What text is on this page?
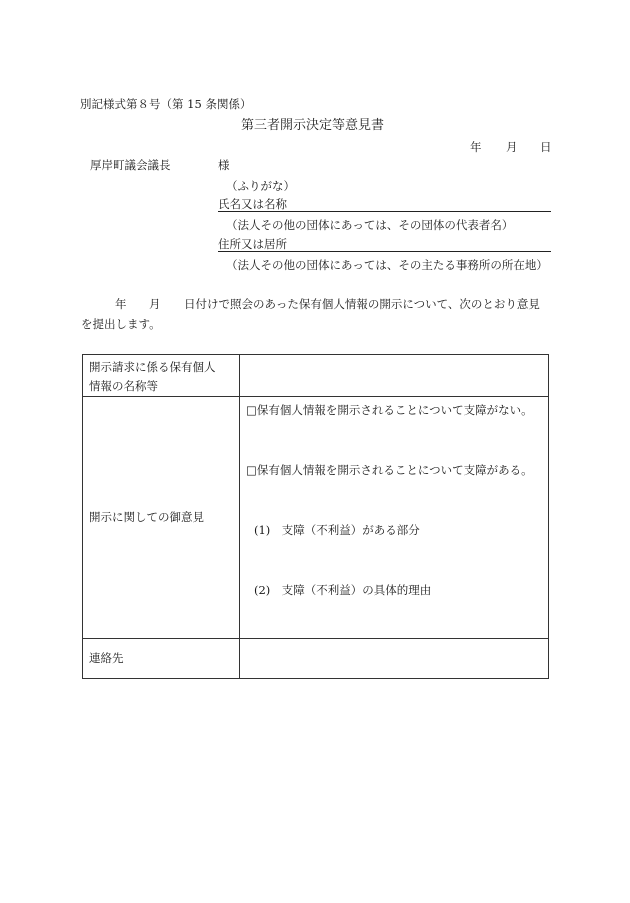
別記様式第８号（第 15 条関係）
第三者開示決定等意見書
年 月 日
厚岸町議会議長	様
（ふりがな）
氏名又は名称
（法人その他の団体にあっては、その団体の代表者名）
住所又は居所
（法人その他の団体にあっては、その主たる事務所の所在地）
年 月 日付けで照会のあった保有個人情報の開示について、次のとおり意見
を提出します。
開示請求に係る保有個人
情報の名称等	

開示に関しての御意見	□保有個人情報を開示されることについて支障がない。
□保有個人情報を開示されることについて支障がある。
(1)　支障（不利益）がある部分
(2)　支障（不利益）の具体的理由

連絡先	
